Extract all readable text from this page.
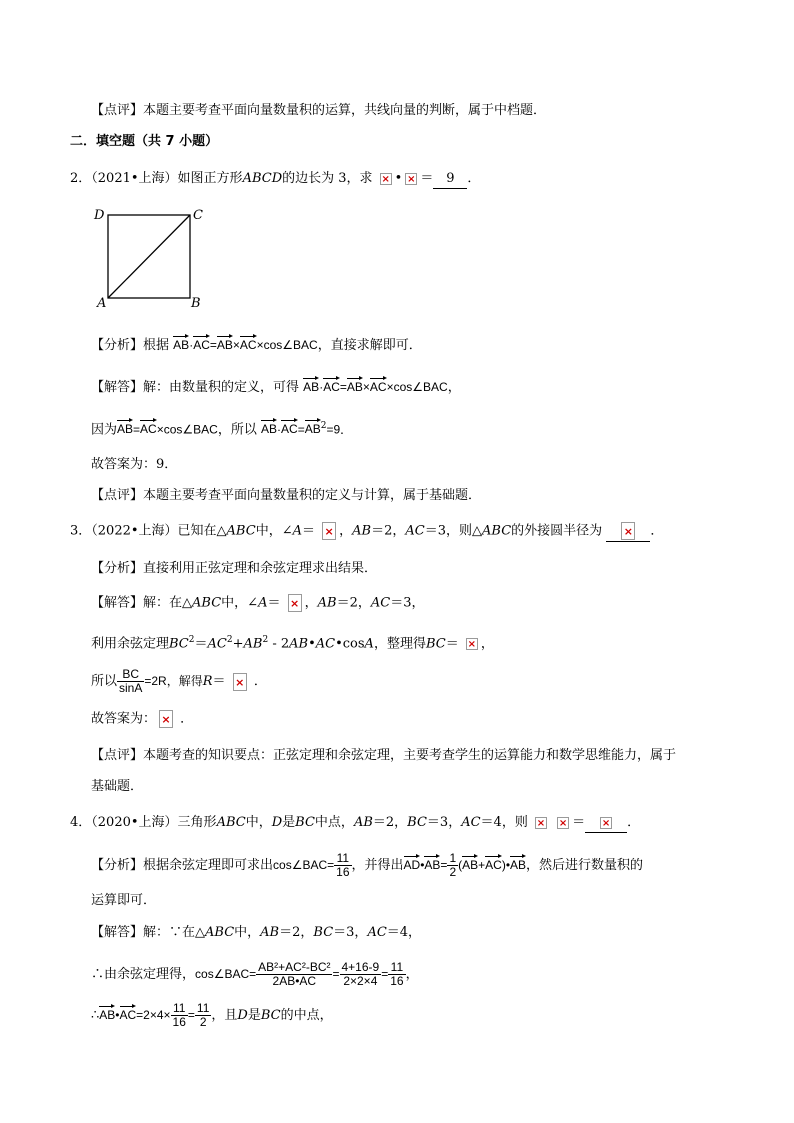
【点评】本题主要考查平面向量数量积的运算，共线向量的判断，属于中档题．
二．填空题（共 7 小题）
2．（2021•上海）如图正方形ABCD的边长为 3，求 × • × ＝ 9 ．
D	C
A	B
【分析】根据 AB·AC=AB×AC×cos∠BAC，直接求解即可．
【解答】解：由数量积的定义，可得 AB·AC=AB×AC×cos∠BAC，
因为AB=AC×cos∠BAC，所以 $AB\cdot AC=AB^2=9$．
故答案为：9．
【点评】本题主要考查平面向量数量积的定义与计算，属于基础题．
3．（2022•上海）已知在△ABC中，∠A＝ × ，AB＝2，AC＝3，则△ABC的外接圆半径为 ×	．
【分析】直接利用正弦定理和余弦定理求出结果．
【解答】解：在△ABC中，∠A＝ × ，AB＝2，AC＝3，
利用余弦定理$BC^2=AC^2+AB^2$ - 2AB•AC•cosA，整理得BC＝ × ，
所以 $\frac{BC}{\sin A} =2R$，解得R＝ × ．
故答案为： × ．
【点评】本题考查的知识要点：正弦定理和余弦定理，主要考查学生的运算能力和数学思维能力，属于
基础题．
4．（2020•上海）三角形ABC中，D是BC中点，AB＝2，BC＝3，AC＝4，则 × ×	＝ ×	．
【分析】根据余弦定理即可求出cos∠BAC= $\frac{11}{16}$ ，并得出AD•AB= $\frac{1}{2}$ (AB+AC)•AB，然后进行数量积的
运算即可．
【解答】解：∵在△ABC中，AB＝2，BC＝3，AC＝4，
∴由余弦定理得，cos∠BAC= $\frac{\text{AB²+AC²-BC²}}{2AB•AC} = \frac{4+16-9}{2\times 2\times 4} = \frac{11}{16}$ ，
∴AB•AC=2×4× $\frac{11}{16} = \frac{11}{2}$ ，且D是BC的中点，
